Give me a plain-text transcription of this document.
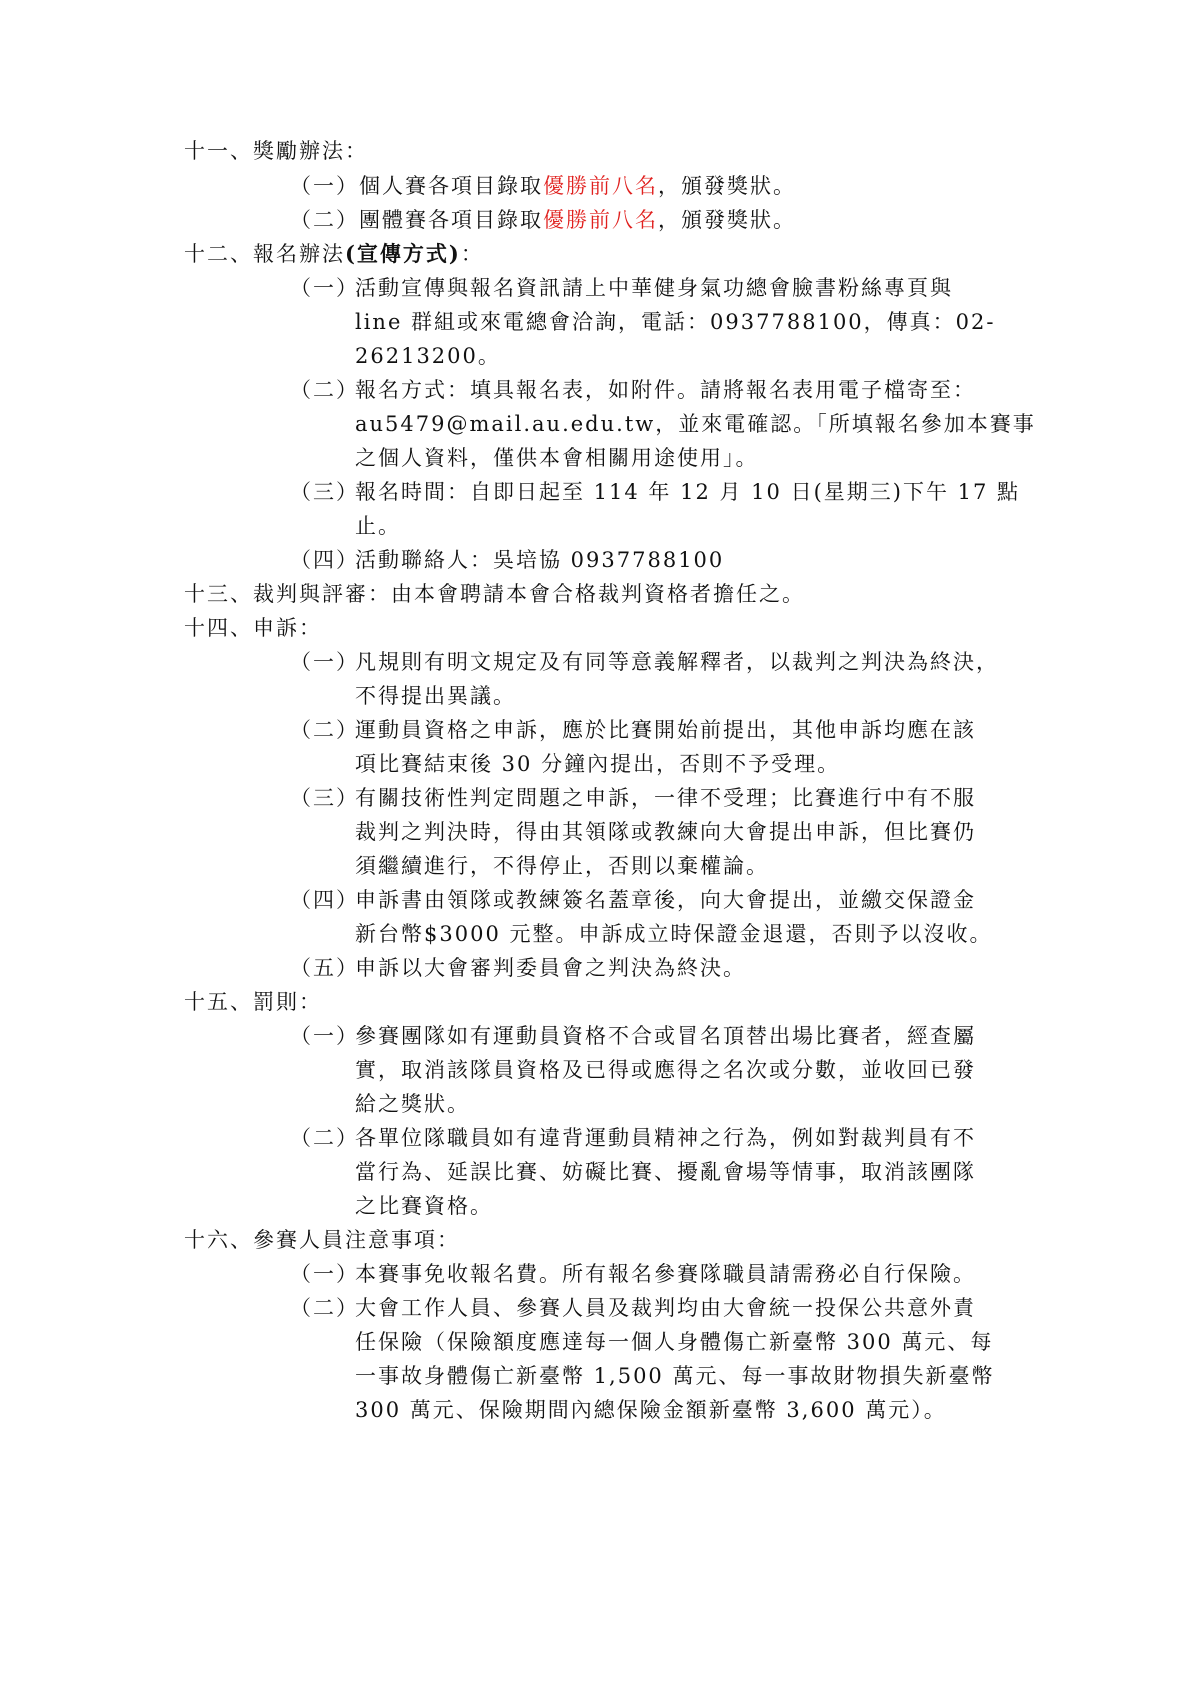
十一、獎勵辦法：
（一）個人賽各項目錄取優勝前八名，頒發獎狀。
（二）團體賽各項目錄取優勝前八名，頒發獎狀。
十二、報名辦法(宣傳方式)：
（一）
活動宣傳與報名資訊請上中華健身氣功總會臉書粉絲專頁與
line 群組或來電總會洽詢，電話：0937788100，傳真：02-
26213200。
（二）
報名方式：填具報名表，如附件。請將報名表用電子檔寄至：
au5479@mail.au.edu.tw，並來電確認。「所填報名參加本賽事
之個人資料，僅供本會相關用途使用」。
（三）
報名時間：自即日起至 114 年 12 月 10 日(星期三)下午 17 點
止。
（四）
活動聯絡人：吳培協 0937788100
十三、裁判與評審：由本會聘請本會合格裁判資格者擔任之。
十四、申訴：
（一）
凡規則有明文規定及有同等意義解釋者，以裁判之判決為終決，
不得提出異議。
（二）
運動員資格之申訴，應於比賽開始前提出，其他申訴均應在該
項比賽結束後 30 分鐘內提出，否則不予受理。
（三）
有關技術性判定問題之申訴，一律不受理；比賽進行中有不服
裁判之判決時，得由其領隊或教練向大會提出申訴，但比賽仍
須繼續進行，不得停止，否則以棄權論。
（四）
申訴書由領隊或教練簽名蓋章後，向大會提出，並繳交保證金
新台幣$3000 元整。申訴成立時保證金退還，否則予以沒收。
（五）
申訴以大會審判委員會之判決為終決。
十五、罰則：
（一）
參賽團隊如有運動員資格不合或冒名頂替出場比賽者，經查屬
實，取消該隊員資格及已得或應得之名次或分數，並收回已發
給之獎狀。
（二）
各單位隊職員如有違背運動員精神之行為，例如對裁判員有不
當行為、延誤比賽、妨礙比賽、擾亂會場等情事，取消該團隊
之比賽資格。
十六、參賽人員注意事項：
（一）
本賽事免收報名費。所有報名參賽隊職員請需務必自行保險。
（二）
大會工作人員、參賽人員及裁判均由大會統一投保公共意外責
任保險（保險額度應達每一個人身體傷亡新臺幣 300 萬元、每
一事故身體傷亡新臺幣 1,500 萬元、每一事故財物損失新臺幣
300 萬元、保險期間內總保險金額新臺幣 3,600 萬元）。
